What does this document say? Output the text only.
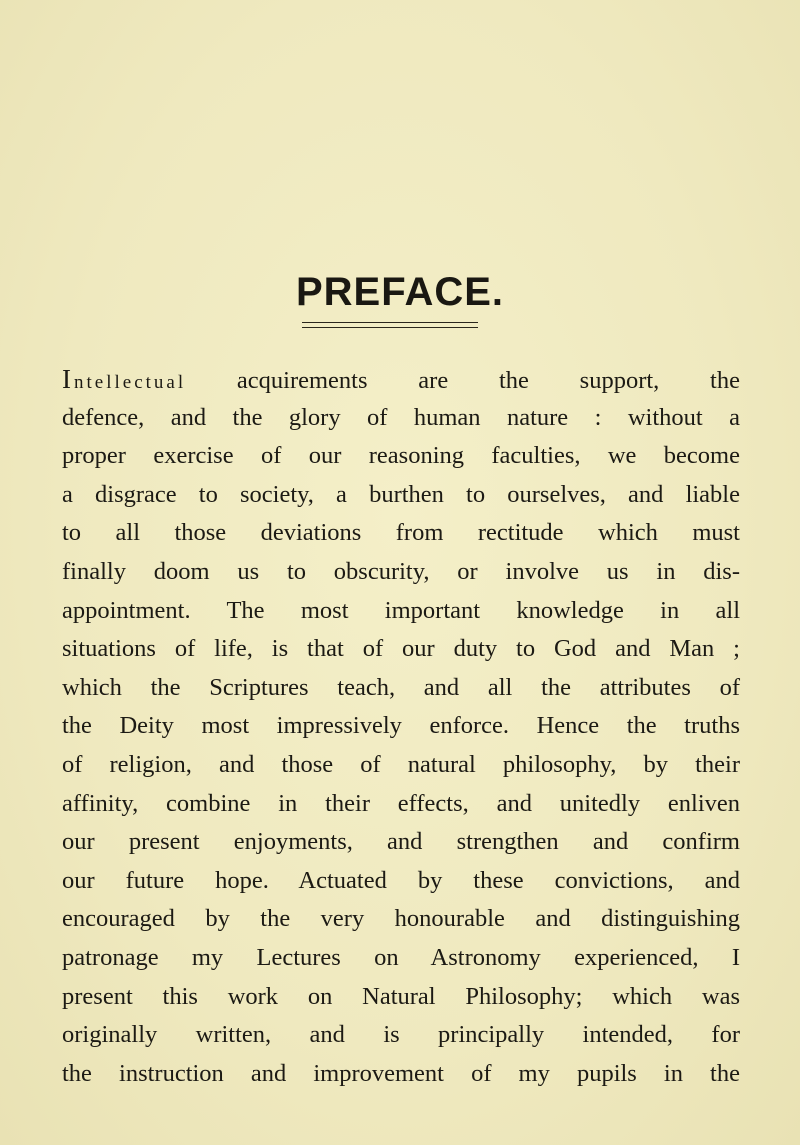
PREFACE.
Intellectual acquirements are the support, the
defence, and the glory of human nature : without a
proper exercise of our reasoning faculties, we become
a disgrace to society, a burthen to ourselves, and liable
to all those deviations from rectitude which must
finally doom us to obscurity, or involve us in dis-
appointment. The most important knowledge in all
situations of life, is that of our duty to God and Man ;
which the Scriptures teach, and all the attributes of
the Deity most impressively enforce. Hence the truths
of religion, and those of natural philosophy, by their
affinity, combine in their effects, and unitedly enliven
our present enjoyments, and strengthen and confirm
our future hope. Actuated by these convictions, and
encouraged by the very honourable and distinguishing
patronage my Lectures on Astronomy experienced, I
present this work on Natural Philosophy; which was
originally written, and is principally intended, for
the instruction and improvement of my pupils in the
